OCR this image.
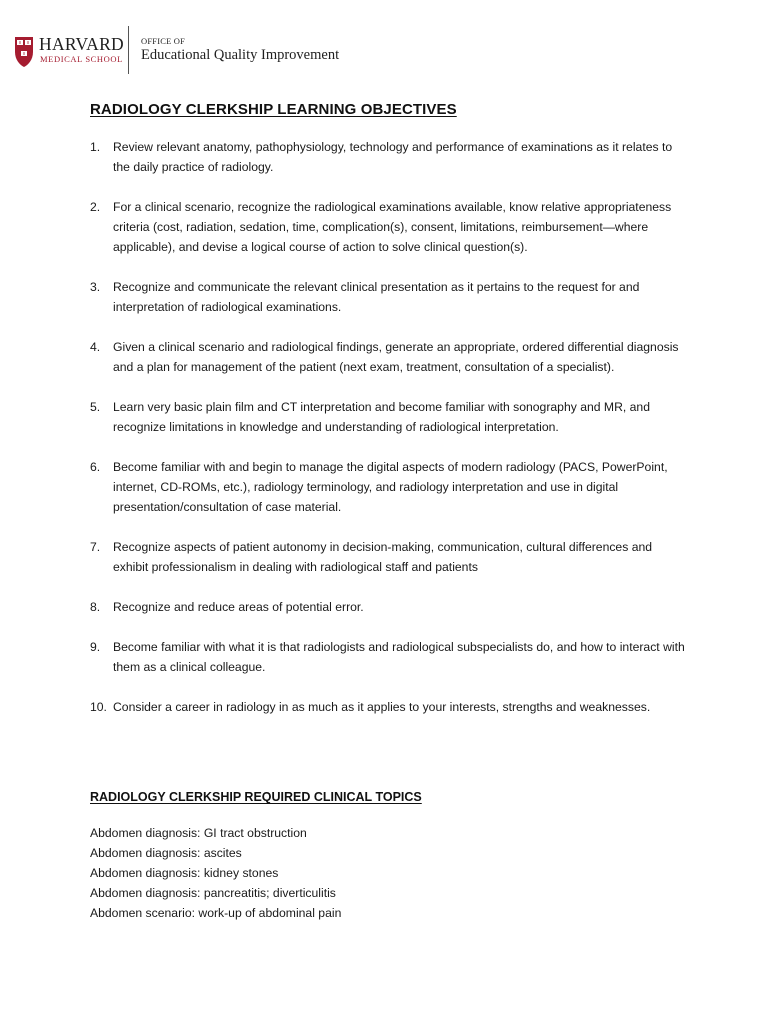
HARVARD
MEDICAL SCHOOL
OFFICE OF
Educational Quality Improvement
RADIOLOGY CLERKSHIP LEARNING OBJECTIVES
1. Review relevant anatomy, pathophysiology, technology and performance of examinations as it relates to the daily practice of radiology.
2. For a clinical scenario, recognize the radiological examinations available, know relative appropriateness criteria (cost, radiation, sedation, time, complication(s), consent, limitations, reimbursement—where applicable), and devise a logical course of action to solve clinical question(s).
3. Recognize and communicate the relevant clinical presentation as it pertains to the request for and interpretation of radiological examinations.
4. Given a clinical scenario and radiological findings, generate an appropriate, ordered differential diagnosis and a plan for management of the patient (next exam, treatment, consultation of a specialist).
5. Learn very basic plain film and CT interpretation and become familiar with sonography and MR, and recognize limitations in knowledge and understanding of radiological interpretation.
6. Become familiar with and begin to manage the digital aspects of modern radiology (PACS, PowerPoint, internet, CD-ROMs, etc.), radiology terminology, and radiology interpretation and use in digital presentation/consultation of case material.
7. Recognize aspects of patient autonomy in decision-making, communication, cultural differences and exhibit professionalism in dealing with radiological staff and patients
8. Recognize and reduce areas of potential error.
9. Become familiar with what it is that radiologists and radiological subspecialists do, and how to interact with them as a clinical colleague.
10. Consider a career in radiology in as much as it applies to your interests, strengths and weaknesses.
RADIOLOGY CLERKSHIP REQUIRED CLINICAL TOPICS
Abdomen diagnosis: GI tract obstruction
Abdomen diagnosis: ascites
Abdomen diagnosis: kidney stones
Abdomen diagnosis: pancreatitis; diverticulitis
Abdomen scenario: work-up of abdominal pain
